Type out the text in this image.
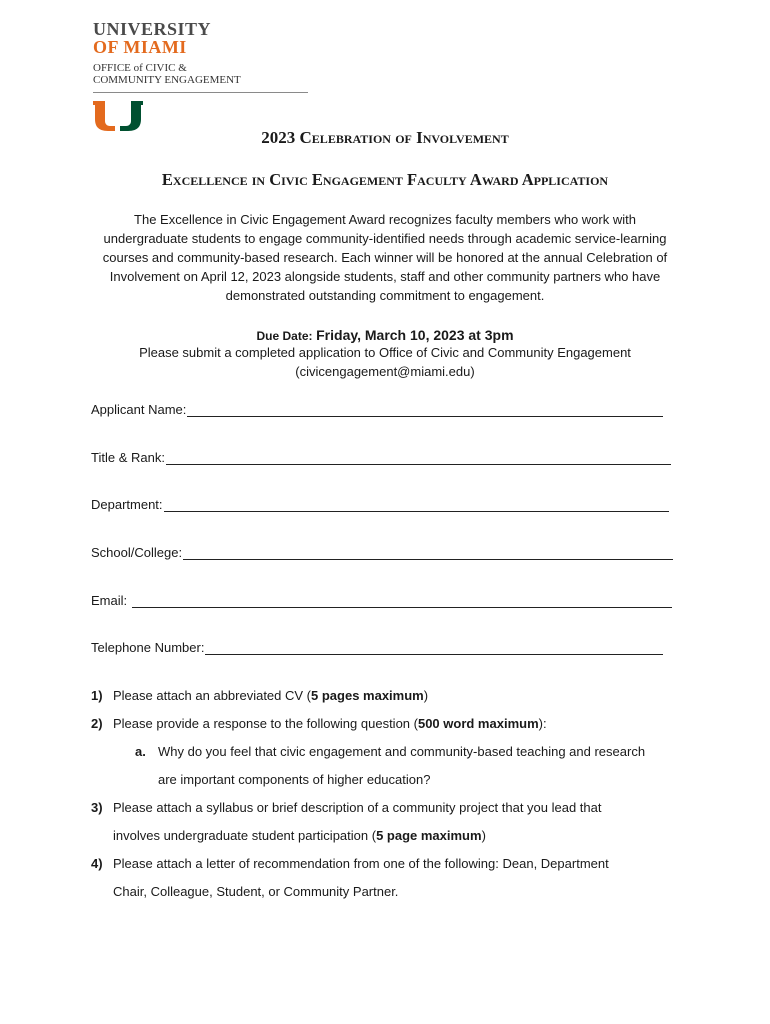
UNIVERSITY
OF MIAMI
OFFICE of CIVIC &
COMMUNITY ENGAGEMENT
2023 Celebration of Involvement
Excellence in Civic Engagement Faculty Award Application
The Excellence in Civic Engagement Award recognizes faculty members who work with undergraduate students to engage community-identified needs through academic service-learning courses and community-based research. Each winner will be honored at the annual Celebration of Involvement on April 12, 2023 alongside students, staff and other community partners who have demonstrated outstanding commitment to engagement.
Due Date: Friday, March 10, 2023 at 3pm
Please submit a completed application to Office of Civic and Community Engagement
(civicengagement@miami.edu)
Applicant Name:
Title & Rank:
Department:
School/College:
Email:
Telephone Number:
1) Please attach an abbreviated CV (5 pages maximum)
2) Please provide a response to the following question (500 word maximum):
a. Why do you feel that civic engagement and community-based teaching and research
are important components of higher education?
3) Please attach a syllabus or brief description of a community project that you lead that
involves undergraduate student participation (5 page maximum)
4) Please attach a letter of recommendation from one of the following: Dean, Department
Chair, Colleague, Student, or Community Partner.
